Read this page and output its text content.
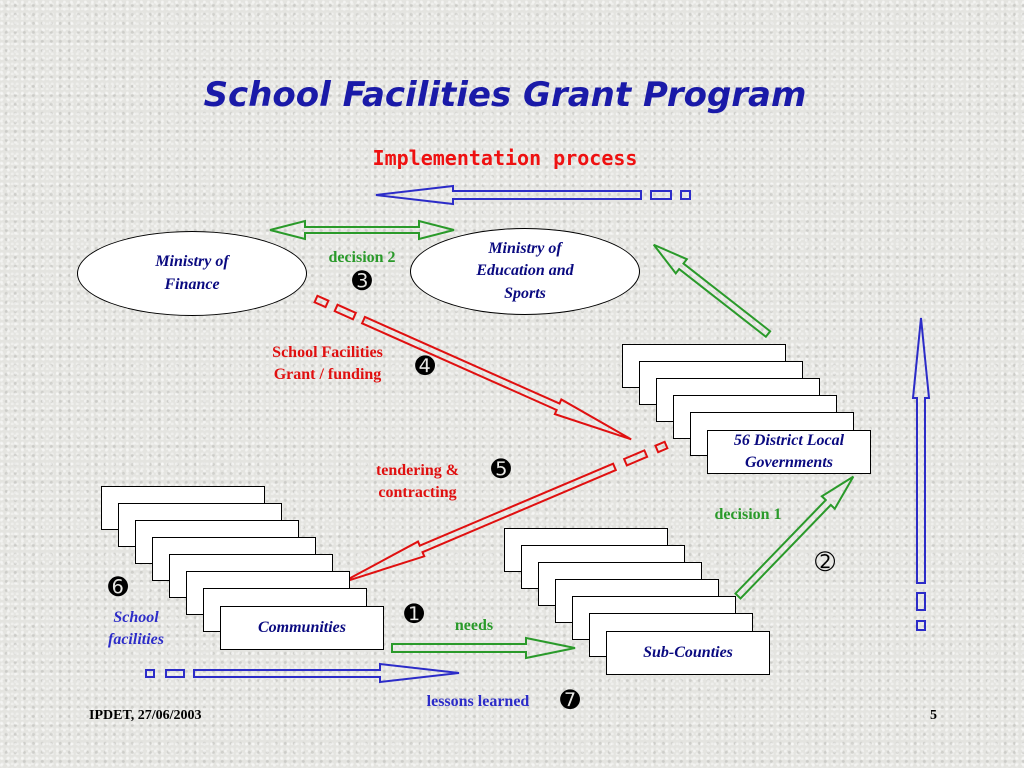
School Facilities Grant Program
Implementation process
Ministry of Finance
Ministry of Education and Sports
56 District Local Governments
Communities
Sub-Counties
decision 2
School Facilities Grant / funding
tendering & contracting
decision 1
School facilities
needs
lessons learned
➊
➁
➌
➍
➎
➏
➐
IPDET, 27/06/2003	5
